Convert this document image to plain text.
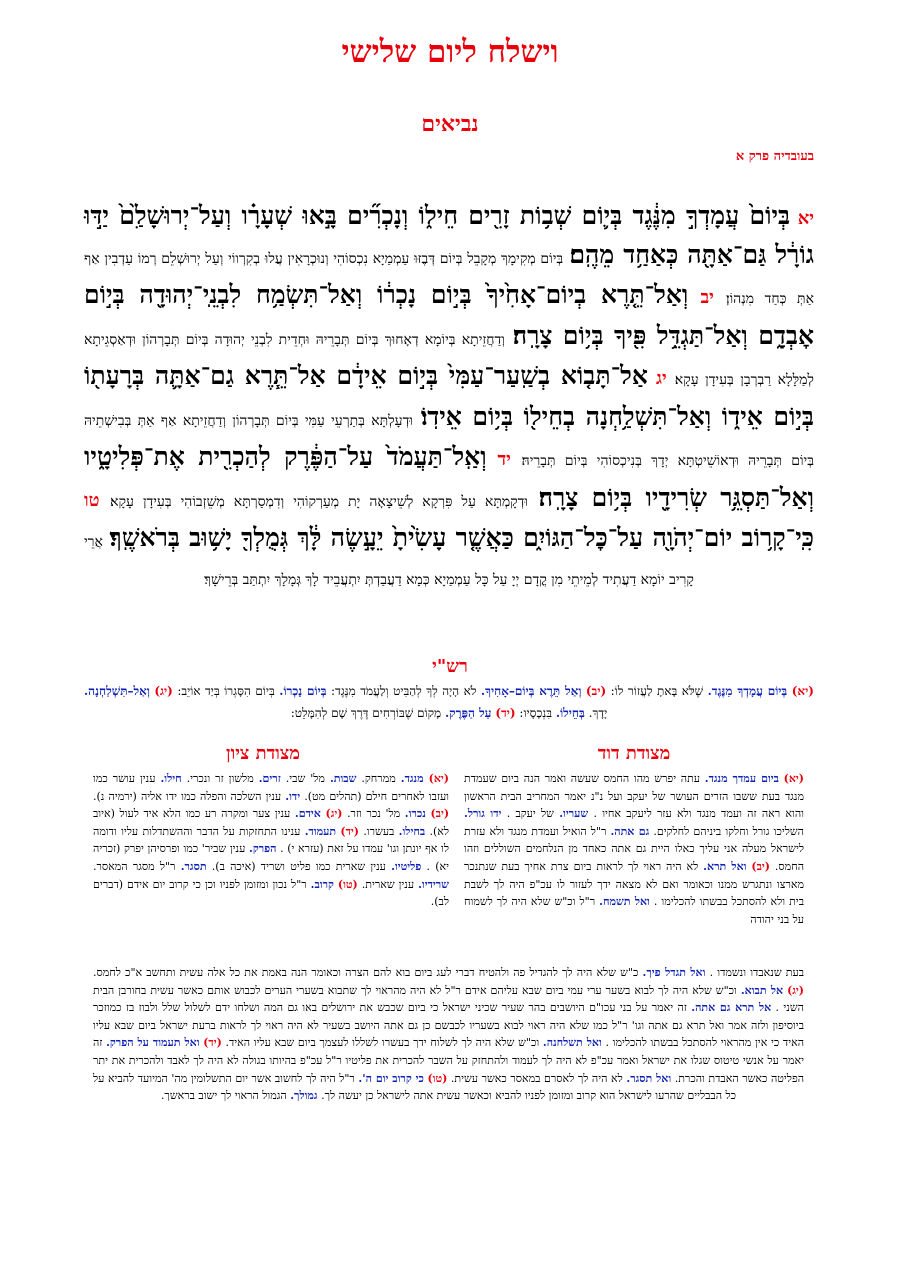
וישלח ליום שלישי
נביאים
בעובדיה פרק א
יא בְּיוֹם֙ עֲמָדְךָ֣ מִנֶּ֔גֶד בְּי֛וֹם שְׁב֥וֹת זָרִ֖ים חֵיל֑וֹ וְנָכְרִ֞ים בָּ֣אוּ שְׁעָרָ֗ו וְעַל־יְרוּשָׁלִַ֙ם֙ יַדּ֣וּ גוֹרָ֔ל גַּם־אַתָּ֖ה כְּאַחַ֥ד מֵהֶֽם׃ בְּיוֹם מְקִימָךְ מְקָבֵל בְּיוֹם דְּבֶזּוּ עַמְמַיָא נִכְסוֹהִי וְנוּכְרָאִין עֲלוּ בְקִרְווֹי וְעַל יְרוּשְׁלֵם רְמוֹ עַדְבִין אַף אַתְּ כְּחַד מִנְהוֹן׃ יב וְאַל־תֵּ֤רֶא בְיוֹם־אָחִ֙יךָ֙ בְּי֣וֹם נָכְר֔וֹ וְאַל־תִּשְׂמַ֥ח לִבְנֵֽי־יְהוּדָ֖ה בְּי֣וֹם אׇבְדָ֑ם וְאַל־תַּגְדֵּ֥ל פִּ֖יךָ בְּי֥וֹם צָרָֽה׃ וְדַחֲזֵיתָא בְּיוֹמָא דְאָחוּךְ בְּיוֹם תְּבָרֵיהּ וּחְדֵית לִבְנֵי יְהוּדָה בְּיוֹם תְּבָרְהוֹן וּדְאַסְגֵיתָא לְמַלָּלָא רַבְרְבָן בְּעִידָן עָקָא׃ יג אַל־תָּב֤וֹא בְשַֽׁעַר־עַמִּי֙ בְּי֣וֹם אֵידָ֔ם אַל־תֵּ֧רֶא גַם־אַתָּ֛ה בְּרָעָת֖וֹ בְּי֣וֹם אֵיד֑וֹ וְאַל־תִּשְׁלַ֥חְנָה בְחֵיל֖וֹ בְּי֥וֹם אֵידֽוֹ׃ וּדְעָלְתָּא בְּתַרְעֵי עַמִּי בְּיוֹם תְּבָרְהוֹן וְדַחֲזֵיתָא אַף אַתְּ בְּבִישְׁתֵיהּ בְּיוֹם תְּבָרֵיהּ וּדְאוֹשֵׁיטְתָּא יְדָךְ בְּנִיכְסוֹהִי בְּיוֹם תְּבָרֵיהּ׃ יד וְאַֽל־תַּעֲמֹד֙ עַל־הַפֶּ֔רֶק לְהַכְרִ֖ית אֶת־פְּלִיטָ֑יו וְאַל־תַּסְגֵּ֥ר שְׂרִידָ֖יו בְּי֥וֹם צָרָֽה׃ וּדְקָמְתָּא עַל פִּרְקָא לְשֵׁיצָאָה יָת מְעַרְקוֹהִי וְדִמְסַרְתָּא מְשֵׁזְבוֹהִי בְּעִידָן עָקָא׃ טו כִּֽי־קָר֥וֹב יוֹם־יְהֹוָ֖ה עַל־כׇּל־הַגּוֹיִ֑ם כַּאֲשֶׁ֤ר עָשִׂ֙יתָ֙ יֵעָ֣שֶׂה לָּ֔ךְ גְּמֻלְךָ֖ יָשׁ֥וּב בְּרֹאשֶֽׁךָ׃ אֲרֵי קָרִיב יוֹמָא דַעֲתִיד לְמֵיתֵי מִן קֳדָם יְיָ עַל כָּל עַמְמַיָא כְּמָא דַעֲבַדְתְּ יִתְעֲבֵיד לָךְ גְּמָלָךְ יִתְתַּב בְּרֵישָׁךְ׃
רש"י
(יא) בְּיוֹם עֲמָדְךָ מִנֶּגֶד. שֶׁלֹּא בָּאתָ לַעֲזוֹר לוֹ: (יב) וְאַל תֵּרֶא בְּיוֹם–אָחִיךָ. לֹא הָיָה לְךָ לְהַבִּיט וְלַעֲמֹד מִנֶּגֶד: בְּיוֹם נָכְרוֹ. בְּיוֹם הִסָּגְרוֹ בְּיַד אוֹיֵב: (יג) וְאַל–תִּשְׁלַחְנָה. יָדָךְ. בְּחֵילוֹ. בִּנְכָסָיו: (יד) עַל הַפֶּרֶק. מָקוֹם שֶׁבּוֹרְחִים דֶּרֶךְ שָׁם לְהִמָּלֵט:
מצודת דוד
מצודת ציון
(יא) ביום עמדך מנגד. עתה יפרש מהו החמס שעשה ואמר הנה ביום שעמדת מנגד בעת ששבו הזרים העושר של יעקב ועל נ"נ יאמר המחריב הבית הראשון והוא ראה זה ועמד מנגד ולא עזר ליעקב אחיו . שעריו. של יעקב . ידו גורל. השליכו גורל וחלקו ביניהם לחלקים. גם אתה. ר"ל הואיל ועמדת מנגד ולא עזרת לישראל מעלה אני עליך כאלו היית גם אתה כאחד מן הנלחמים השוללים וזהו החמס. (יב) ואל תרא. לא היה ראוי לך לראות ביום צרת אחיך בעת שנתנכר מארצו ונתגרש ממנו וכאומר ואם לא מצאה ידך לעזור לו עכ"פ היה לך לשבת בית ולא להסתכל בבשתו להכלימו . ואל תשמח. ר"ל וכ"ש שלא היה לך לשמוח על בני יהודה
(יא) מנגד. ממרחק. שבות. מל' שבי. זרים. מלשון זר ונכרי. חילו. ענין עושר כמו ועזבו לאחרים חילם (תהלים מט). ידו. ענין השלכה והפלה כמו ידו אליה (ירמיה נ). (יב) נכרו. מל' נכר וזר. (יג) אידם. ענין צער ומקרה רע כמו הלא איד לעול (איוב לא). בחילו. בעשרו. (יד) תעמוד. ענינו התחזקות על הדבר וההשתדלות עליו ודומה לו אף יונתן וגו' עמדו על זאת (עזרא י) . הפרק. ענין שביר' כמו ופרסיהן יפרק (זכריה יא) . פליטיו. ענין שארית כמו פליט ושריד (איכה ב). תסגר. ר"ל מסגר המאסר. שרידיו. ענין שארית. (טו) קרוב. ר"ל נכון ומזומן לפניו וכן כי קרוב יום אידם (דברים לב).
בעת שנאבדו ונשמדו . ואל תגדל פיך. כ"ש שלא היה לך להגדיל פה ולהטיח דברי לעג ביום בוא להם הצרה וכאומר הנה באמת את כל אלה עשית ותחשב א"כ לחמס. (יג) אל תבוא. וכ"ש שלא היה לך לבוא בשער ערי עמי ביום שבא עליהם אידם ר"ל לא היה מהראוי לך שתבוא בשערי הערים לכבוש אותם כאשר עשית בחורבן הבית השני . אל תרא גם אתה. זה יאמר על בני עכו"ם היושבים בהר שעיר שכיני ישראל כי ביום שכבש את ירושלים באו גם המה ושלחו ידם לשלול שלל ולבוז בז כמוזכר ביוסיפון ולזה אמר ואל תרא גם אתה וגו' ר"ל כמו שלא היה ראוי לבוא בשעריו לכבשם כן גם אתה היושב בשעיר לא היה ראוי לך לראות ברעת ישראל ביום שבא עליו האיד כי אין מהראוי להסתכל בבשתו להכלימו . ואל תשלחנה. וכ"ש שלא היה לך לשלוח ידך בעשרו לשללו לעצמך ביום שבא עליו האיד. (יד) ואל תעמוד על הפרק. זה יאמר על אנשי טיטוס שגלו את ישראל ואמר עכ"פ לא היה לך לעמוד ולהתחזק על השבר להכרית את פליטיו ר"ל עכ"פ בהיותו בגולה לא היה לך לאבד ולהכרית את יתר הפליטה כאשר האבדת והכרת. ואל תסגר. לא היה לך לאסרם במאסר כאשר עשית. (טו) כי קרוב יום ה'. ר"ל היה לך לחשוב אשר יום התשלומין מה' המיועד להביא על כל הבבליים שהרעו לישראל הוא קרוב ומזומן לפניו להביא וכאשר עשית אתה לישראל כן יעשה לך. גמולך. הגמול הראוי לך ישוב בראשך.
